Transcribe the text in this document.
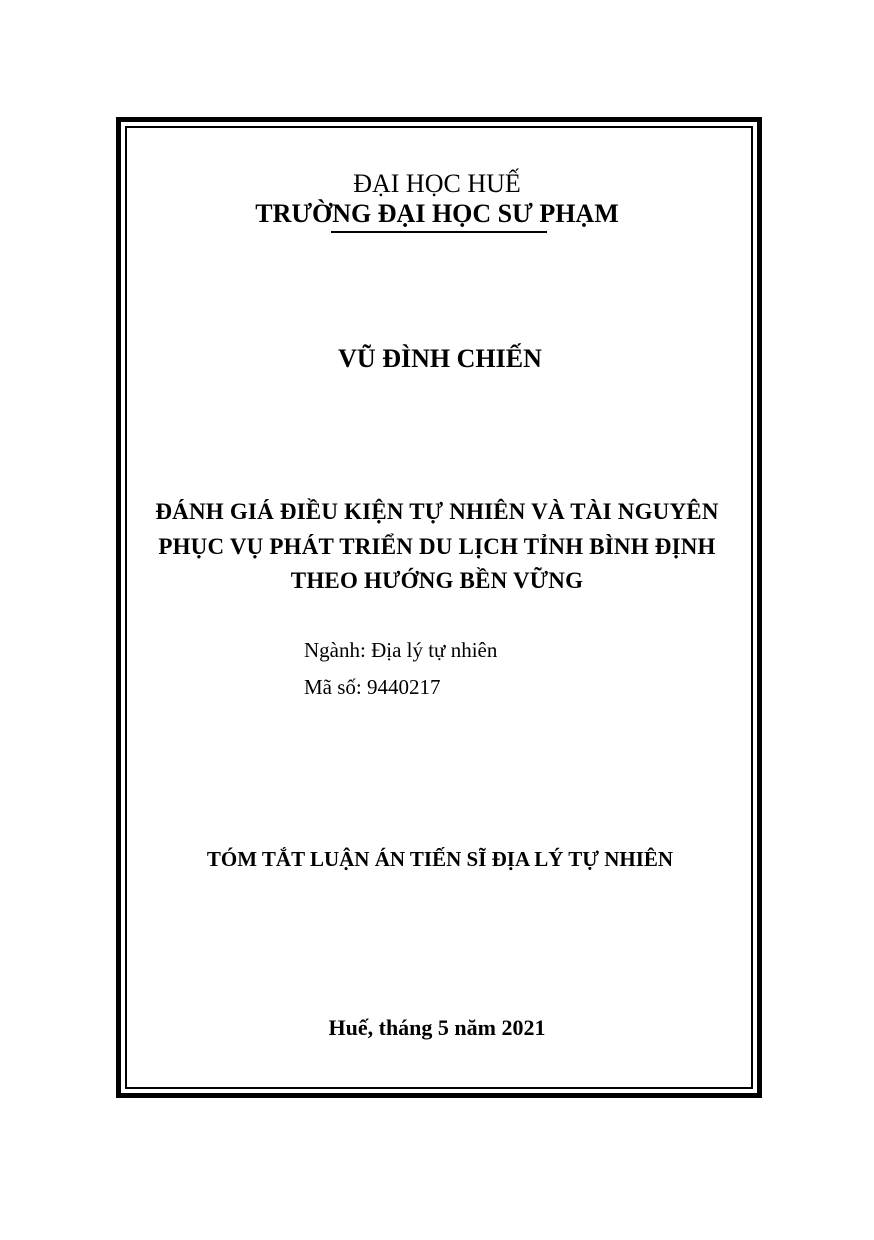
ĐẠI HỌC HUẾ
TRƯỜNG ĐẠI HỌC SƯ PHẠM
VŨ ĐÌNH CHIẾN
ĐÁNH GIÁ ĐIỀU KIỆN TỰ NHIÊN VÀ TÀI NGUYÊN
PHỤC VỤ PHÁT TRIỂN DU LỊCH TỈNH BÌNH ĐỊNH
THEO HƯỚNG BỀN VỮNG
Ngành: Địa lý tự nhiên
Mã số: 9440217
TÓM TẮT LUẬN ÁN TIẾN SĨ ĐỊA LÝ TỰ NHIÊN
Huế, tháng 5 năm 2021
